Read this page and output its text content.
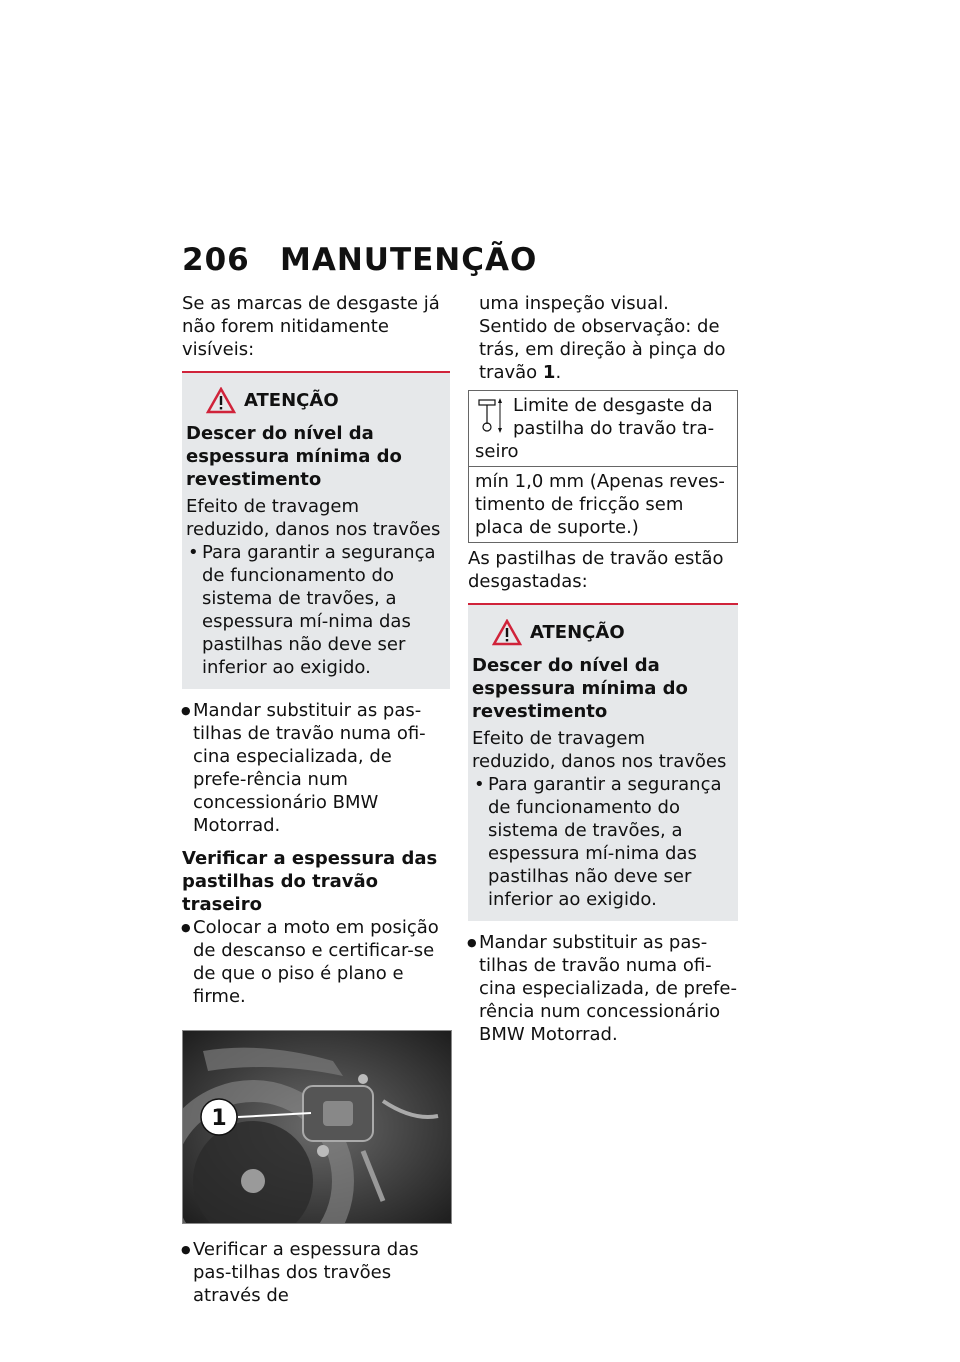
206 MANUTENÇÃO

Se as marcas de desgaste já não forem nitidamente visíveis:

ATENÇÃO

Descer do nível da espessura mínima do revestimento

Efeito de travagem reduzido, danos nos travões

• Para garantir a segurança de funcionamento do sistema de travões, a espessura mí-nima das pastilhas não deve ser inferior ao exigido.

● Mandar substituir as pas-tilhas de travão numa ofi-cina especializada, de prefe-rência num concessionário BMW Motorrad.

Verificar a espessura das pastilhas do travão traseiro

● Colocar a moto em posição de descanso e certificar-se de que o piso é plano e firme.

1

● Verificar a espessura das pas-tilhas dos travões através de

uma inspeção visual. Sentido de observação: de trás, em direção à pinça do travão 1.

Limite de desgaste da pastilha do travão tra-seiro
mín 1,0 mm (Apenas reves-timento de fricção sem placa de suporte.)

As pastilhas de travão estão desgastadas:

ATENÇÃO

Descer do nível da espessura mínima do revestimento

Efeito de travagem reduzido, danos nos travões

• Para garantir a segurança de funcionamento do sistema de travões, a espessura mí-nima das pastilhas não deve ser inferior ao exigido.

● Mandar substituir as pas-tilhas de travão numa ofi-cina especializada, de prefe-rência num concessionário BMW Motorrad.
